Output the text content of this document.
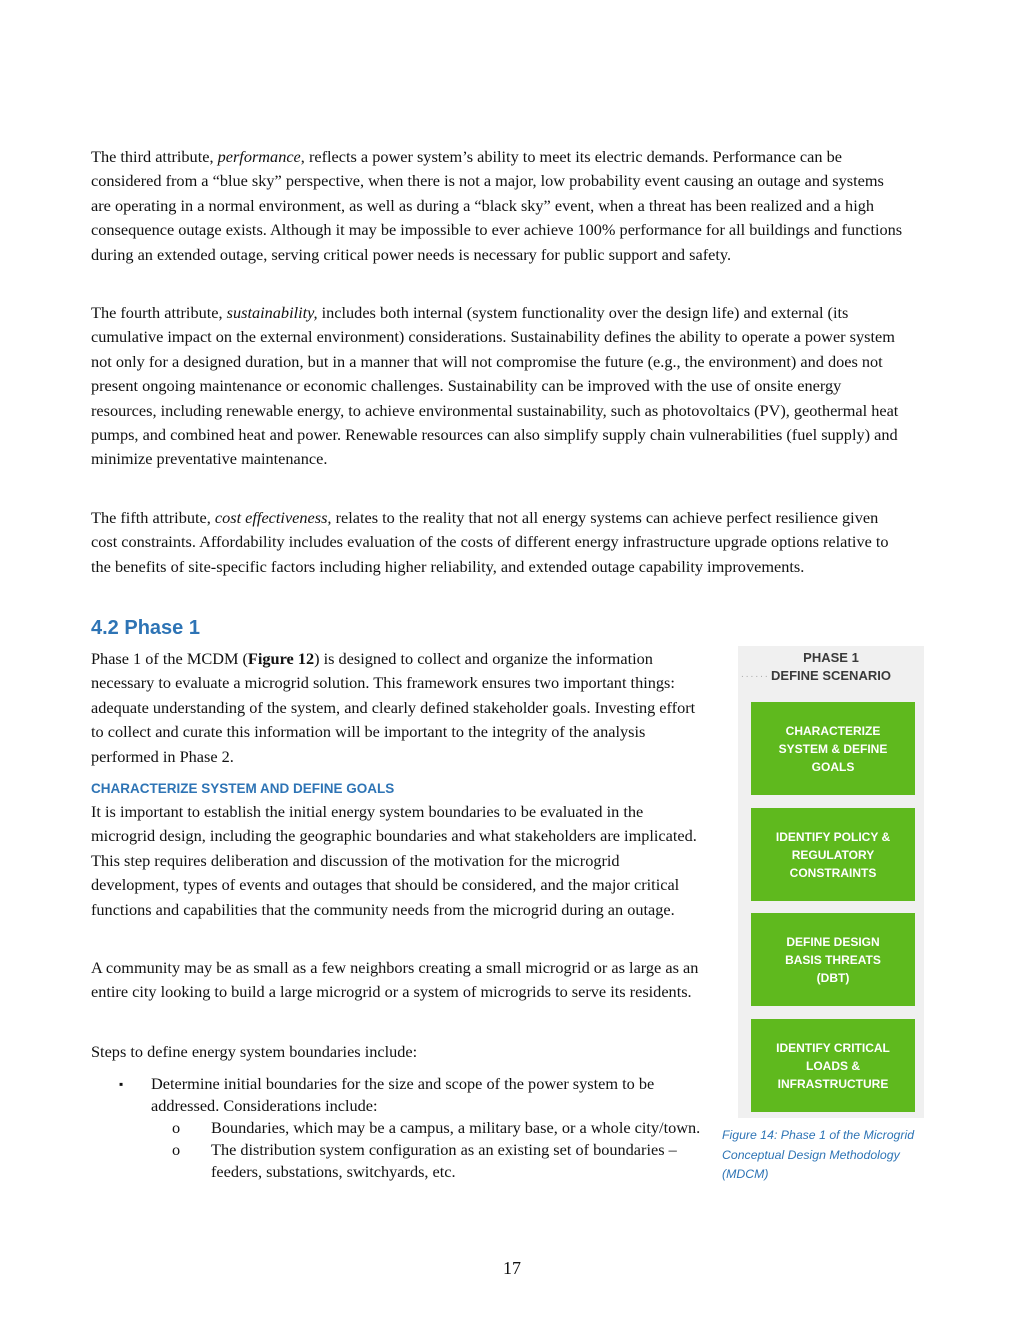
The third attribute, performance, reflects a power system’s ability to meet its electric demands. Performance can be considered from a “blue sky” perspective, when there is not a major, low probability event causing an outage and systems are operating in a normal environment, as well as during a “black sky” event, when a threat has been realized and a high consequence outage exists. Although it may be impossible to ever achieve 100% performance for all buildings and functions during an extended outage, serving critical power needs is necessary for public support and safety.

The fourth attribute, sustainability, includes both internal (system functionality over the design life) and external (its cumulative impact on the external environment) considerations. Sustainability defines the ability to operate a power system not only for a designed duration, but in a manner that will not compromise the future (e.g., the environment) and does not present ongoing maintenance or economic challenges. Sustainability can be improved with the use of onsite energy resources, including renewable energy, to achieve environmental sustainability, such as photovoltaics (PV), geothermal heat pumps, and combined heat and power. Renewable resources can also simplify supply chain vulnerabilities (fuel supply) and minimize preventative maintenance.

The fifth attribute, cost effectiveness, relates to the reality that not all energy systems can achieve perfect resilience given cost constraints. Affordability includes evaluation of the costs of different energy infrastructure upgrade options relative to the benefits of site-specific factors including higher reliability, and extended outage capability improvements.

4.2 Phase 1

Phase 1 of the MCDM (Figure 12) is designed to collect and organize the information necessary to evaluate a microgrid solution. This framework ensures two important things: adequate understanding of the system, and clearly defined stakeholder goals. Investing effort to collect and curate this information will be important to the integrity of the analysis performed in Phase 2.

CHARACTERIZE SYSTEM AND DEFINE GOALS

It is important to establish the initial energy system boundaries to be evaluated in the microgrid design, including the geographic boundaries and what stakeholders are implicated. This step requires deliberation and discussion of the motivation for the microgrid development, types of events and outages that should be considered, and the major critical functions and capabilities that the community needs from the microgrid during an outage.

A community may be as small as a few neighbors creating a small microgrid or as large as an entire city looking to build a large microgrid or a system of microgrids to serve its residents.

Steps to define energy system boundaries include:

▪ Determine initial boundaries for the size and scope of the power system to be addressed. Considerations include:
o Boundaries, which may be a campus, a military base, or a whole city/town.
o The distribution system configuration as an existing set of boundaries – feeders, substations, switchyards, etc.
PHASE 1
DEFINE SCENARIO
......
CHARACTERIZE SYSTEM & DEFINE GOALS
IDENTIFY POLICY & REGULATORY CONSTRAINTS
DEFINE DESIGN BASIS THREATS (DBT)
IDENTIFY CRITICAL LOADS & INFRASTRUCTURE

Figure 14: Phase 1 of the Microgrid Conceptual Design Methodology (MDCM)

17
